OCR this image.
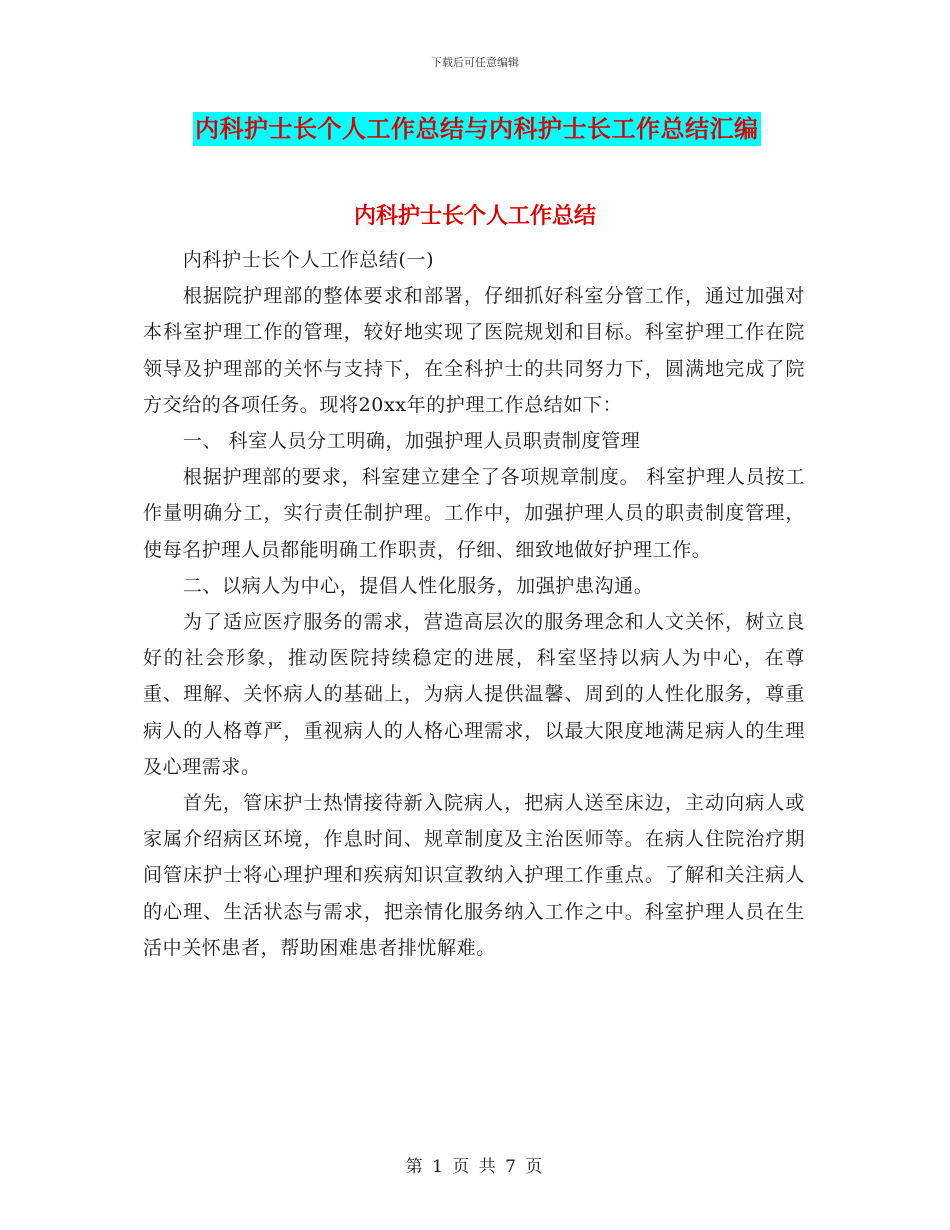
下载后可任意编辑
内科护士长个人工作总结与内科护士长工作总结汇编
内科护士长个人工作总结

内科护士长个人工作总结(一)

根据院护理部的整体要求和部署，仔细抓好科室分管工作，通过加强对本科室护理工作的管理，较好地实现了医院规划和目标。科室护理工作在院领导及护理部的关怀与支持下，在全科护士的共同努力下，圆满地完成了院方交给的各项任务。现将20xx年的护理工作总结如下：

一、 科室人员分工明确，加强护理人员职责制度管理

根据护理部的要求，科室建立建全了各项规章制度。 科室护理人员按工作量明确分工，实行责任制护理。工作中，加强护理人员的职责制度管理，使每名护理人员都能明确工作职责，仔细、细致地做好护理工作。

二、以病人为中心，提倡人性化服务，加强护患沟通。

为了适应医疗服务的需求，营造高层次的服务理念和人文关怀，树立良好的社会形象，推动医院持续稳定的进展，科室坚持以病人为中心，在尊重、理解、关怀病人的基础上，为病人提供温馨、周到的人性化服务，尊重病人的人格尊严，重视病人的人格心理需求，以最大限度地满足病人的生理及心理需求。

首先，管床护士热情接待新入院病人，把病人送至床边，主动向病人或家属介绍病区环境，作息时间、规章制度及主治医师等。在病人住院治疗期间管床护士将心理护理和疾病知识宣教纳入护理工作重点。了解和关注病人的心理、生活状态与需求，把亲情化服务纳入工作之中。科室护理人员在生活中关怀患者，帮助困难患者排忧解难。

第 1 页 共 7 页
